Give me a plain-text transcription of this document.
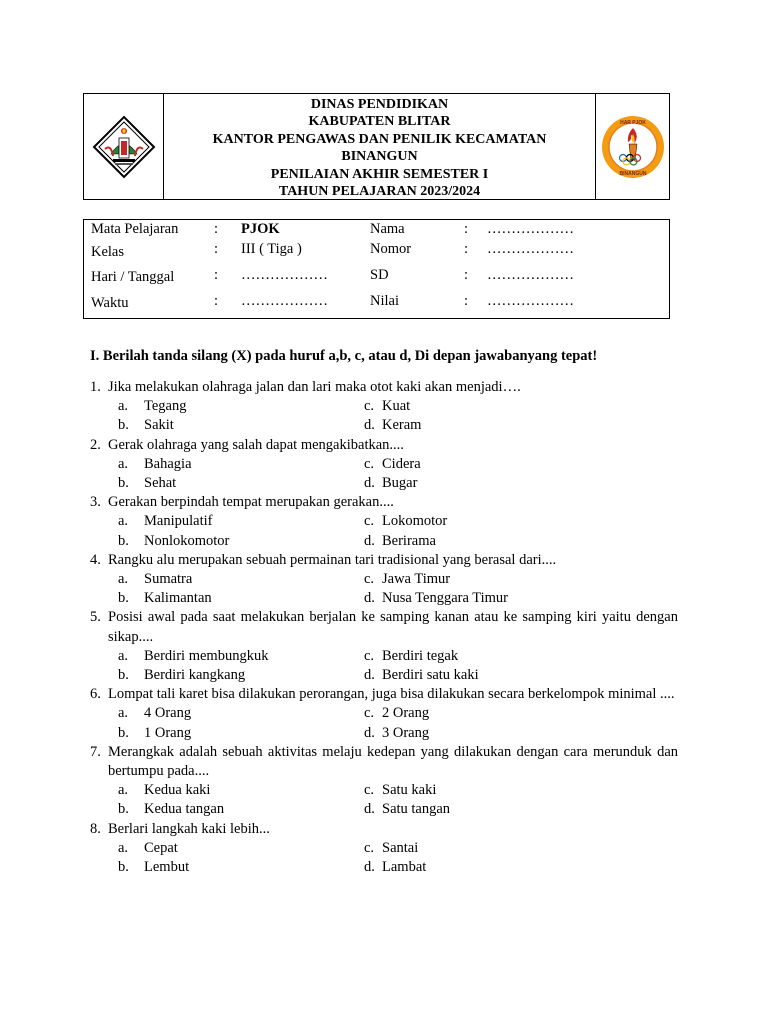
DINAS PENDIDIKAN
KABUPATEN BLITAR
KANTOR PENGAWAS DAN PENILIK KECAMATAN
BINANGUN
PENILAIAN AKHIR SEMESTER I
TAHUN PELAJARAN 2023/2024
HAR PJOK
BINANGUN
Mata Pelajaran : PJOK	Nama	: ………………
Kelas	: III ( Tiga )	Nomor	: ………………
Hari / Tanggal	: ………………	SD	: ………………
Waktu	: ………………	Nilai	: ………………
I. Berilah tanda silang (X) pada huruf a,b, c, atau d, Di depan jawabanyang tepat!
1. Jika melakukan olahraga jalan dan lari maka otot kaki akan menjadi….
a.	Tegang	c. Kuat
b.	Sakit	d. Keram
2. Gerak olahraga yang salah dapat mengakibatkan....
a.	Bahagia	c. Cidera
b.	Sehat	d. Bugar
3. Gerakan berpindah tempat merupakan gerakan....
a.	Manipulatif	c. Lokomotor
b.	Nonlokomotor	d. Berirama
4. Rangku alu merupakan sebuah permainan tari tradisional yang berasal dari....
a.	Sumatra	c. Jawa Timur
b.	Kalimantan	d. Nusa Tenggara Timur
5. Posisi awal pada saat melakukan berjalan ke samping kanan atau ke samping kiri yaitu dengan sikap....
a.	Berdiri membungkuk	c. Berdiri tegak
b.	Berdiri kangkang	d. Berdiri satu kaki
6. Lompat tali karet bisa dilakukan perorangan, juga bisa dilakukan secara berkelompok minimal ....
a.	4 Orang	c. 2 Orang
b.	1 Orang	d. 3 Orang
7. Merangkak adalah sebuah aktivitas melaju kedepan yang dilakukan dengan cara merunduk dan bertumpu pada....
a.	Kedua kaki	c. Satu kaki
b.	Kedua tangan	d. Satu tangan
8. Berlari langkah kaki lebih...
a.	Cepat	c. Santai
b.	Lembut	d. Lambat
